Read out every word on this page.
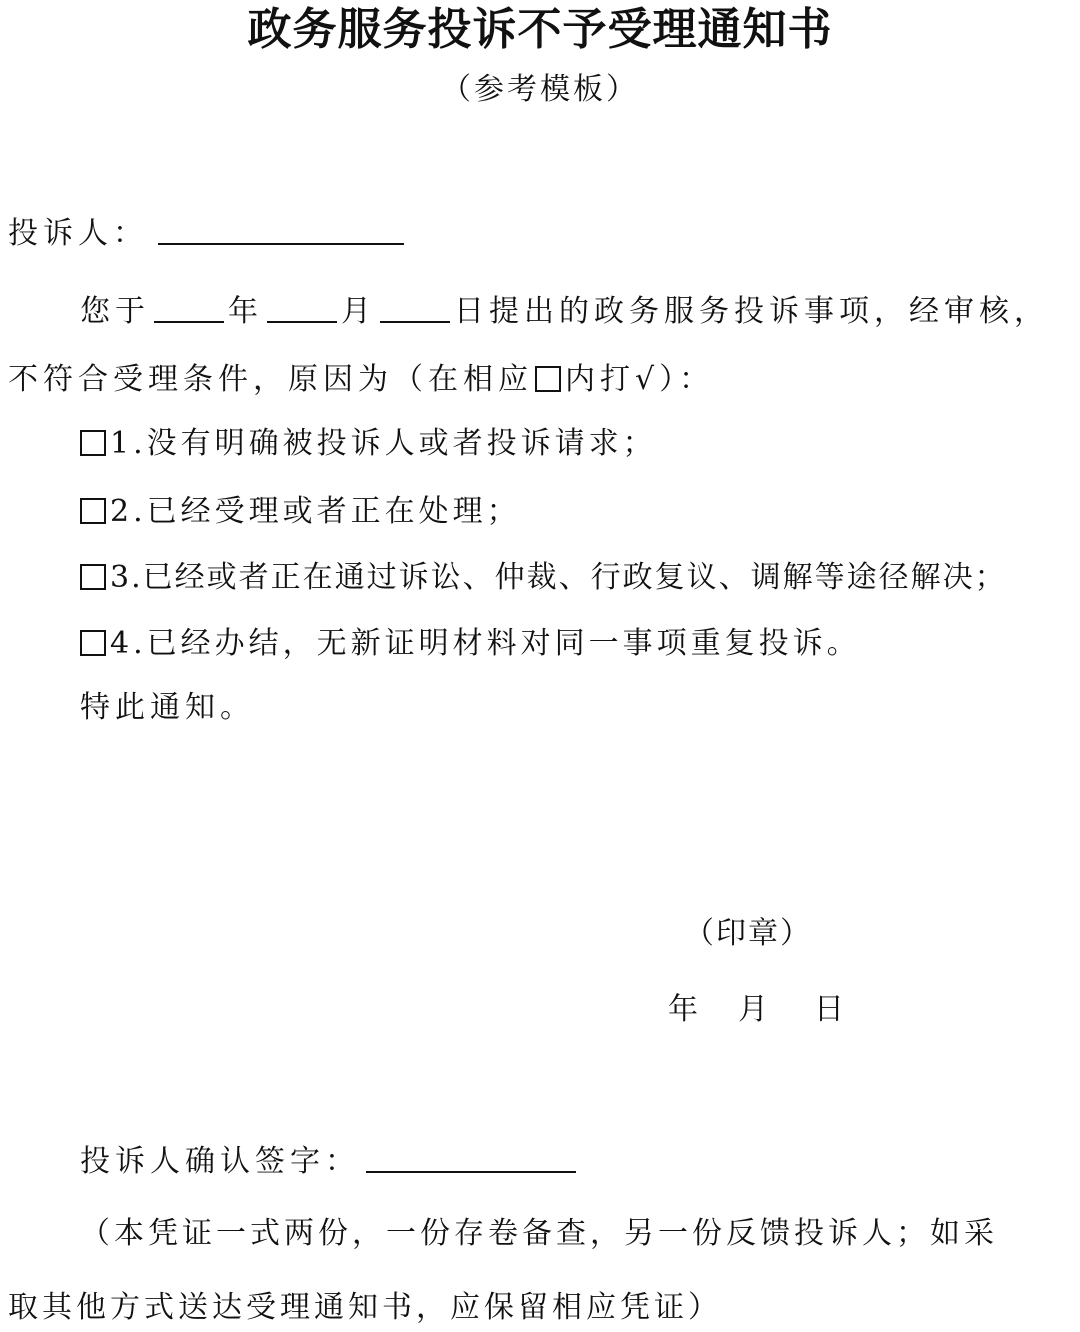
政务服务投诉不予受理通知书
（参考模板）
投诉人：
您于	年	月	日提出的政务服务投诉事项，经审核，
不符合受理条件，原因为（在相应 内打√）：
1.没有明确被投诉人或者投诉请求；
2.已经受理或者正在处理；
3.已经或者正在通过诉讼、仲裁、行政复议、调解等途径解决；
4.已经办结，无新证明材料对同一事项重复投诉。
特此通知。
（印章）
年 月 日
投诉人确认签字：
（本凭证一式两份，一份存卷备查，另一份反馈投诉人；如采
取其他方式送达受理通知书，应保留相应凭证）
